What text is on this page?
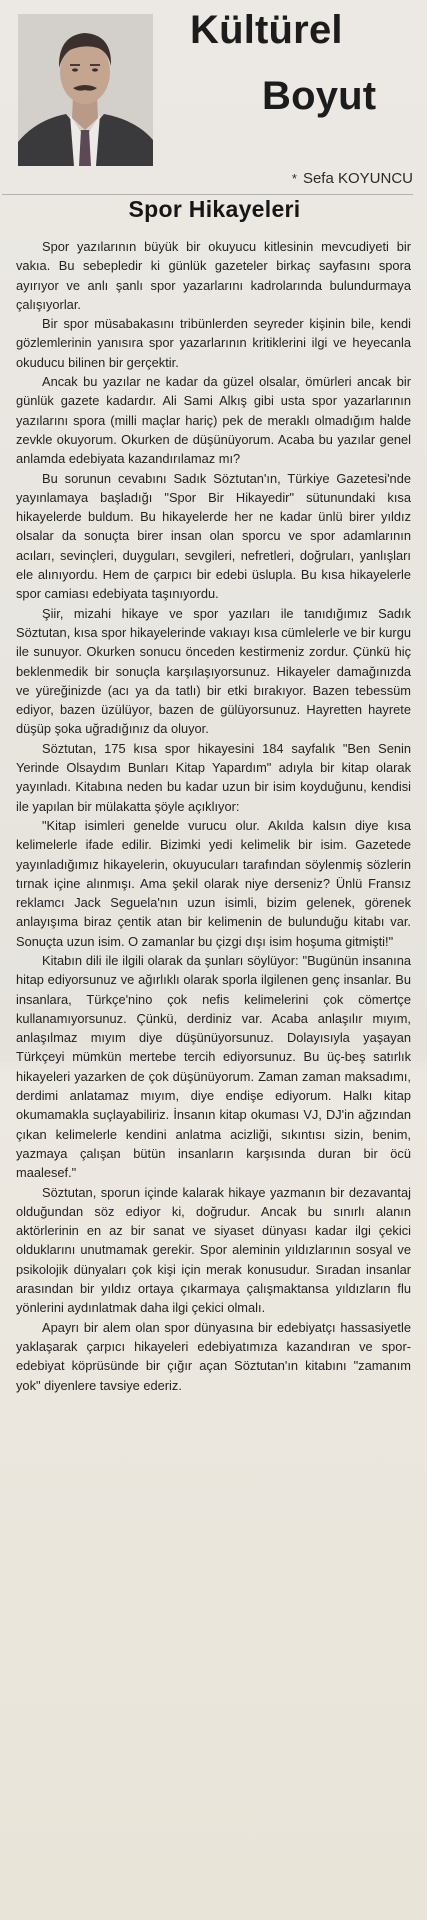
Kültürel
Boyut
* Sefa KOYUNCU
Spor Hikayeleri

Spor yazılarının büyük bir okuyucu kitlesinin mevcudiyeti bir vakıa. Bu sebepledir ki günlük gazeteler birkaç sayfasını spora ayırıyor ve anlı şanlı spor yazarlarını kadrolarında bulundurmaya çalışıyorlar.

Bir spor müsabakasını tribünlerden seyreder kişinin bile, kendi gözlemlerinin yanısıra spor yazarlarının kritiklerini ilgi ve heyecanla okuducu bilinen bir gerçektir.

Ancak bu yazılar ne kadar da güzel olsalar, ömürleri ancak bir günlük gazete kadardır. Ali Sami Alkış gibi usta spor yazarlarının yazılarını spora (milli maçlar hariç) pek de meraklı olmadığım halde zevkle okuyorum. Okurken de düşünüyorum. Acaba bu yazılar genel anlamda edebiyata kazandırılamaz mı?

Bu sorunun cevabını Sadık Söztutan'ın, Türkiye Gazetesi'nde yayınlamaya başladığı "Spor Bir Hikayedir" sütunundaki kısa hikayelerde buldum. Bu hikayelerde her ne kadar ünlü birer yıldız olsalar da sonuçta birer insan olan sporcu ve spor adamlarının acıları, sevinçleri, duyguları, sevgileri, nefretleri, doğruları, yanlışları ele alınıyordu. Hem de çarpıcı bir edebi üslupla. Bu kısa hikayelerle spor camiası edebiyata taşınıyordu.

Şiir, mizahi hikaye ve spor yazıları ile tanıdığımız Sadık Söztutan, kısa spor hikayelerinde vakıayı kısa cümlelerle ve bir kurgu ile sunuyor. Okurken sonucu önceden kestirmeniz zordur. Çünkü hiç beklenmedik bir sonuçla karşılaşıyorsunuz. Hikayeler damağınızda ve yüreğinizde (acı ya da tatlı) bir etki bırakıyor. Bazen tebessüm ediyor, bazen üzülüyor, bazen de gülüyorsunuz. Hayretten hayrete düşüp şoka uğradığınız da oluyor.

Söztutan, 175 kısa spor hikayesini 184 sayfalık "Ben Senin Yerinde Olsaydım Bunları Kitap Yapardım" adıyla bir kitap olarak yayınladı. Kitabına neden bu kadar uzun bir isim koyduğunu, kendisi ile yapılan bir mülakatta şöyle açıklıyor:

"Kitap isimleri genelde vurucu olur. Akılda kalsın diye kısa kelimelerle ifade edilir. Bizimki yedi kelimelik bir isim. Gazetede yayınladığımız hikayelerin, okuyucuları tarafından söylenmiş sözlerin tırnak içine alınmışı. Ama şekil olarak niye derseniz? Ünlü Fransız reklamcı Jack Seguela'nın uzun isimli, bizim gelenek, görenek anlayışıma biraz çentik atan bir kelimenin de bulunduğu kitabı var. Sonuçta uzun isim. O zamanlar bu çizgi dışı isim hoşuma gitmişti!"

Kitabın dili ile ilgili olarak da şunları söylüyor: "Bugünün insanına hitap ediyorsunuz ve ağırlıklı olarak sporla ilgilenen genç insanlar. Bu insanlara, Türkçe'nino çok nefis kelimelerini çok cömertçe kullanamıyorsunuz. Çünkü, derdiniz var. Acaba anlaşılır mıyım, anlaşılmaz mıyım diye düşünüyorsunuz. Dolayısıyla yaşayan Türkçeyi mümkün mertebe tercih ediyorsunuz. Bu üç-beş satırlık hikayeleri yazarken de çok düşünüyorum. Zaman zaman maksadımı, derdimi anlatamaz mıyım, diye endişe ediyorum. Halkı kitap okumamakla suçlayabiliriz. İnsanın kitap okuması VJ, DJ'in ağzından çıkan kelimelerle kendini anlatma acizliği, sıkıntısı sizin, benim, yazmaya çalışan bütün insanların karşısında duran bir öcü maalesef."

Söztutan, sporun içinde kalarak hikaye yazmanın bir dezavantaj olduğundan söz ediyor ki, doğrudur. Ancak bu sınırlı alanın aktörlerinin en az bir sanat ve siyaset dünyası kadar ilgi çekici olduklarını unutmamak gerekir. Spor aleminin yıldızlarının sosyal ve psikolojik dünyaları çok kişi için merak konusudur. Sıradan insanlar arasından bir yıldız ortaya çıkarmaya çalışmaktansa yıldızların flu yönlerini aydınlatmak daha ilgi çekici olmalı.

Apayrı bir alem olan spor dünyasına bir edebiyatçı hassasiyetle yaklaşarak çarpıcı hikayeleri edebiyatımıza kazandıran ve spor-edebiyat köprüsünde bir çığır açan Söztutan'ın kitabını "zamanım yok" diyenlere tavsiye ederiz.
